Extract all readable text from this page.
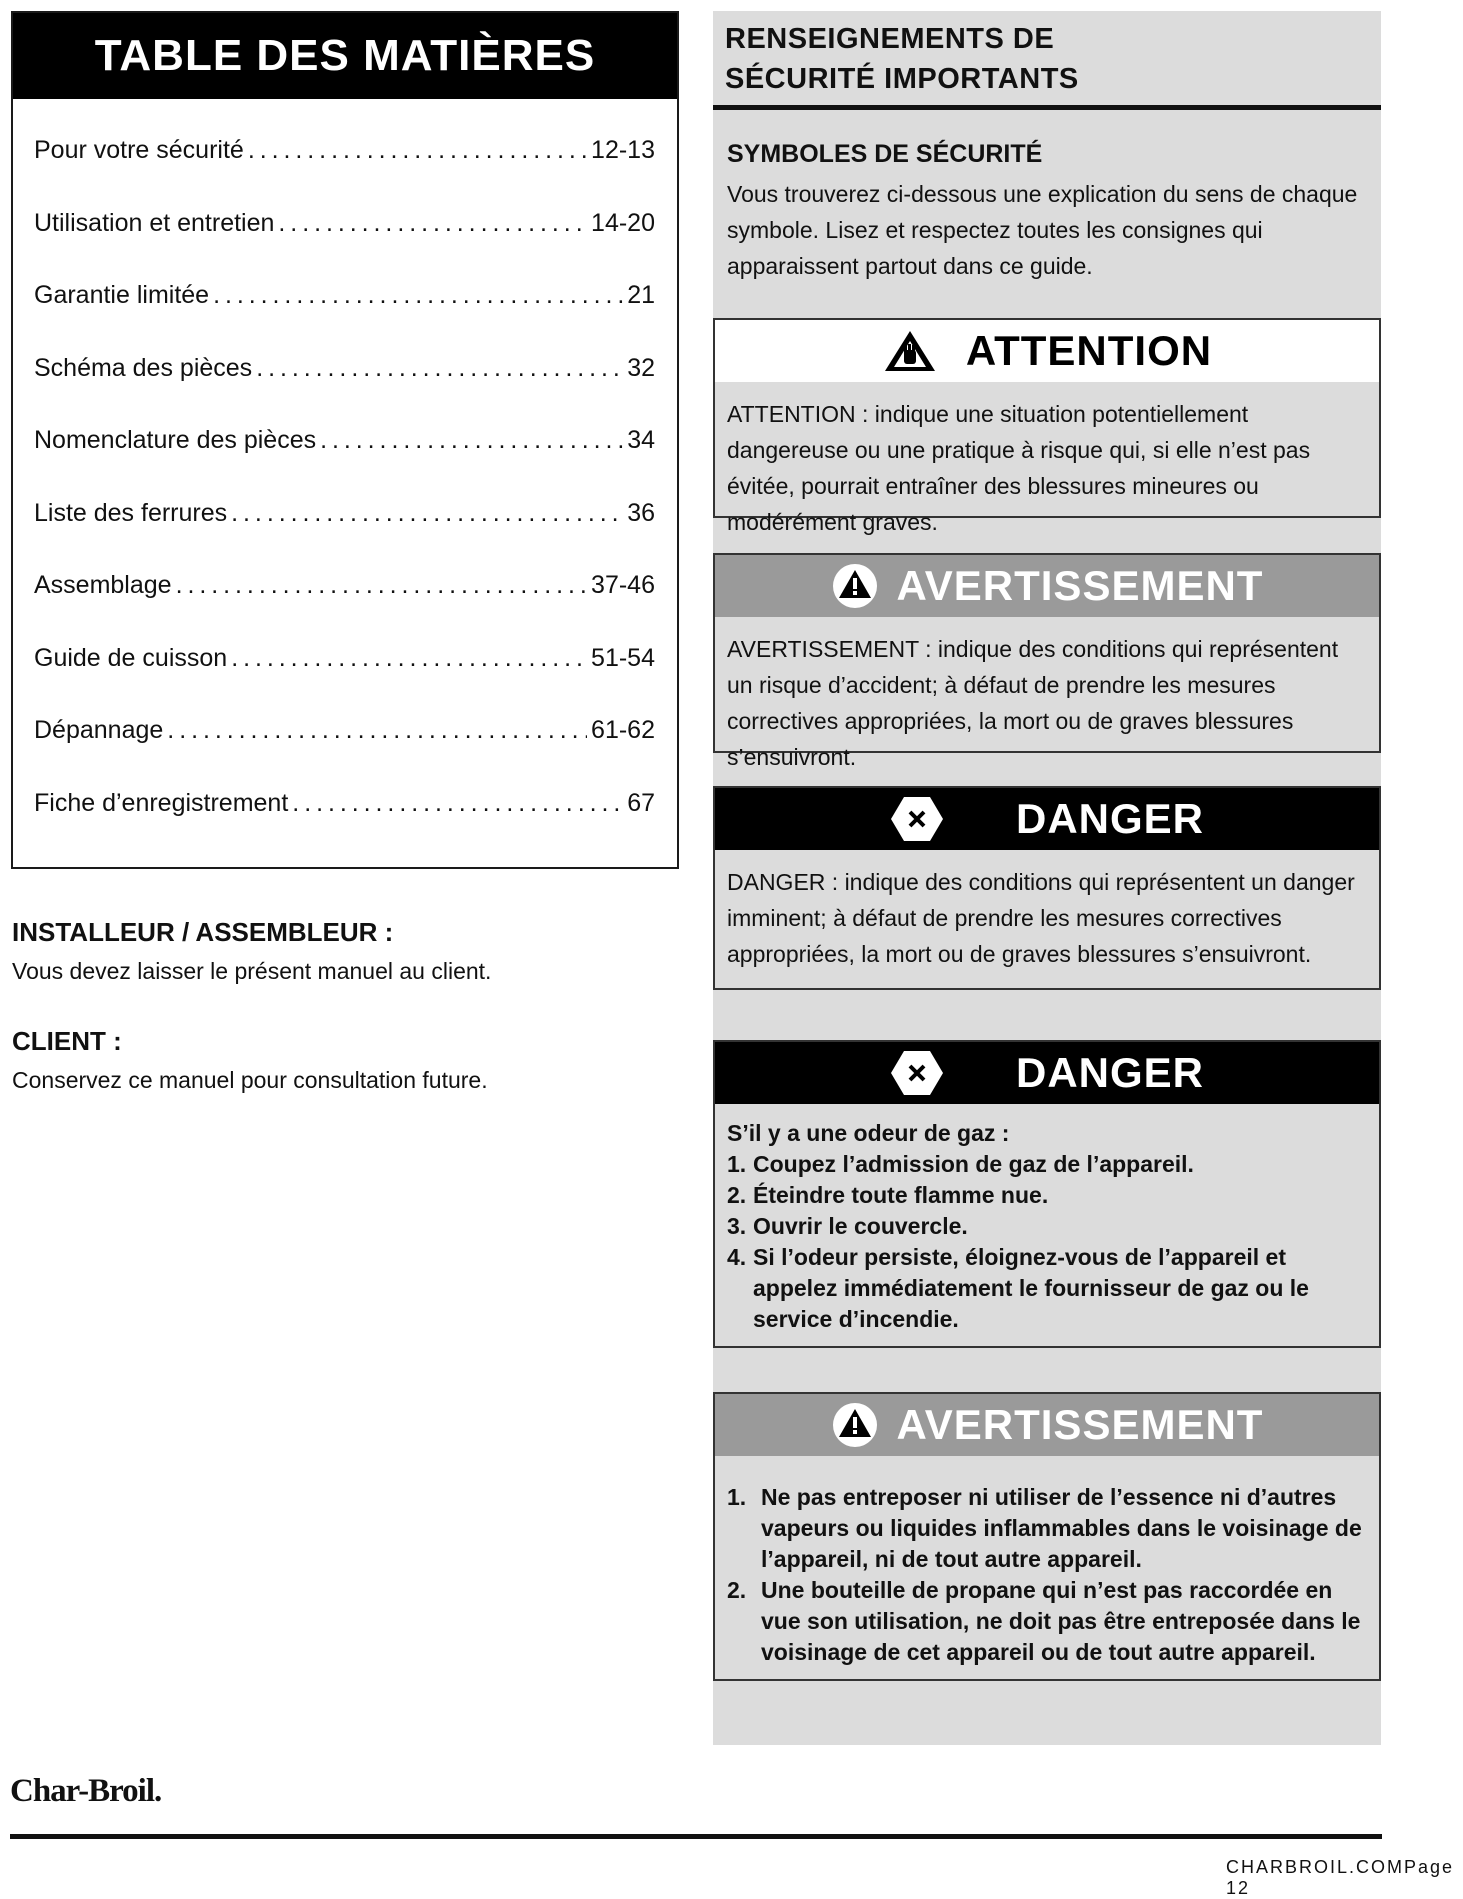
TABLE DES MATIÈRES
Pour votre sécurité . . .	12-13
Utilisation et entretien . . .	14-20
Garantie limitée . . .	21
Schéma des pièces . . .	32
Nomenclature des pièces . . .	34
Liste des ferrures . . .	36
Assemblage . . .	37-46
Guide de cuisson . . .	51-54
Dépannage . . .	61-62
Fiche d’enregistrement . . .	67
INSTALLEUR / ASSEMBLEUR :
Vous devez laisser le présent manuel au client.
CLIENT :
Conservez ce manuel pour consultation future.
RENSEIGNEMENTS DE
SÉCURITÉ IMPORTANTS
SYMBOLES DE SÉCURITÉ
Vous trouverez ci-dessous une explication du sens de chaque symbole. Lisez et respectez toutes les consignes qui apparaissent partout dans ce guide.
ATTENTION
ATTENTION : indique une situation potentiellement dangereuse ou une pratique à risque qui, si elle n’est pas évitée, pourrait entraîner des blessures mineures ou modérément graves.
AVERTISSEMENT
AVERTISSEMENT : indique des conditions qui représentent un risque d’accident; à défaut de prendre les mesures correctives appropriées, la mort ou de graves blessures s’ensuivront.
DANGER
DANGER : indique des conditions qui représentent un danger imminent; à défaut de prendre les mesures correctives appropriées, la mort ou de graves blessures s’ensuivront.
DANGER
S’il y a une odeur de gaz :
1. Coupez l’admission de gaz de l’appareil.
2. Éteindre toute flamme nue.
3. Ouvrir le couvercle.
4. Si l’odeur persiste, éloignez-vous de l’appareil et appelez immédiatement le fournisseur de gaz ou le service d’incendie.
AVERTISSEMENT
1. Ne pas entreposer ni utiliser de l’essence ni d’autres vapeurs ou liquides inflammables dans le voisinage de l’appareil, ni de tout autre appareil.
2. Une bouteille de propane qui n’est pas raccordée en vue son utilisation, ne doit pas être entreposée dans le voisinage de cet appareil ou de tout autre appareil.
Char-Broil.
CHARBROIL.COMPage 12
